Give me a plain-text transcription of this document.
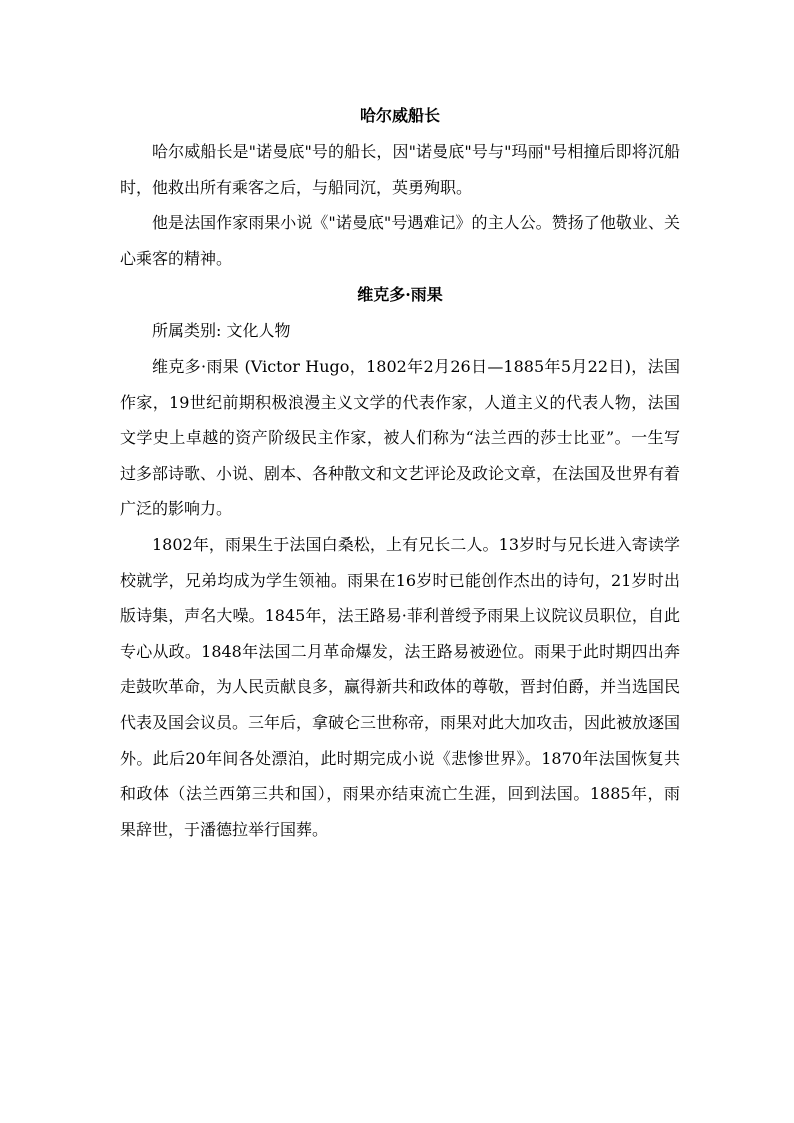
哈尔威船长

哈尔威船长是"诺曼底"号的船长，因"诺曼底"号与"玛丽"号相撞后即将沉船时，他救出所有乘客之后，与船同沉，英勇殉职。

他是法国作家雨果小说《"诺曼底"号遇难记》的主人公。赞扬了他敬业、关心乘客的精神。

维克多·雨果

所属类别: 文化人物

维克多·雨果 (Victor Hugo，1802年2月26日—1885年5月22日)，法国作家，19世纪前期积极浪漫主义文学的代表作家，人道主义的代表人物，法国文学史上卓越的资产阶级民主作家，被人们称为“法兰西的莎士比亚”。一生写过多部诗歌、小说、剧本、各种散文和文艺评论及政论文章，在法国及世界有着广泛的影响力。

1802年，雨果生于法国白桑松，上有兄长二人。13岁时与兄长进入寄读学校就学，兄弟均成为学生领袖。雨果在16岁时已能创作杰出的诗句，21岁时出版诗集，声名大噪。1845年，法王路易·菲利普绶予雨果上议院议员职位，自此专心从政。1848年法国二月革命爆发，法王路易被逊位。雨果于此时期四出奔走鼓吹革命，为人民贡献良多，赢得新共和政体的尊敬，晋封伯爵，并当选国民代表及国会议员。三年后，拿破仑三世称帝，雨果对此大加攻击，因此被放逐国外。此后20年间各处漂泊，此时期完成小说《悲惨世界》。1870年法国恢复共和政体（法兰西第三共和国），雨果亦结束流亡生涯，回到法国。1885年，雨果辞世，于潘德拉举行国葬。
